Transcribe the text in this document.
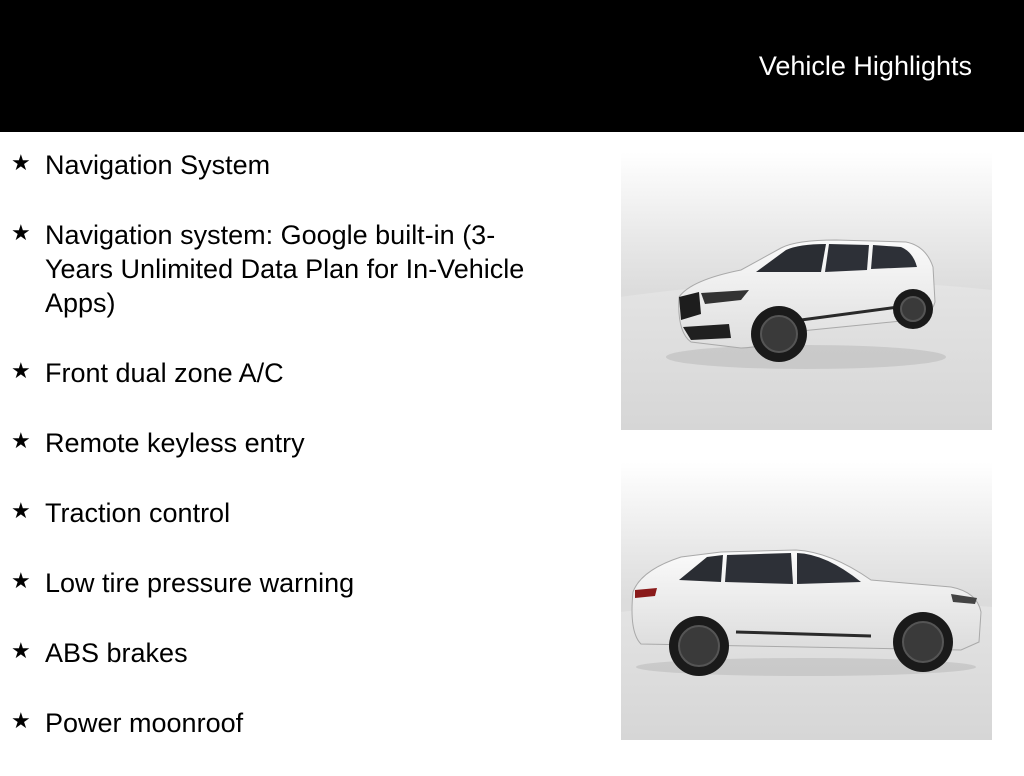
Vehicle Highlights
★ Navigation System
★ Navigation system: Google built-in (3-Years Unlimited Data Plan for In-Vehicle Apps)
★ Front dual zone A/C
★ Remote keyless entry
★ Traction control
★ Low tire pressure warning
★ ABS brakes
★ Power moonroof
